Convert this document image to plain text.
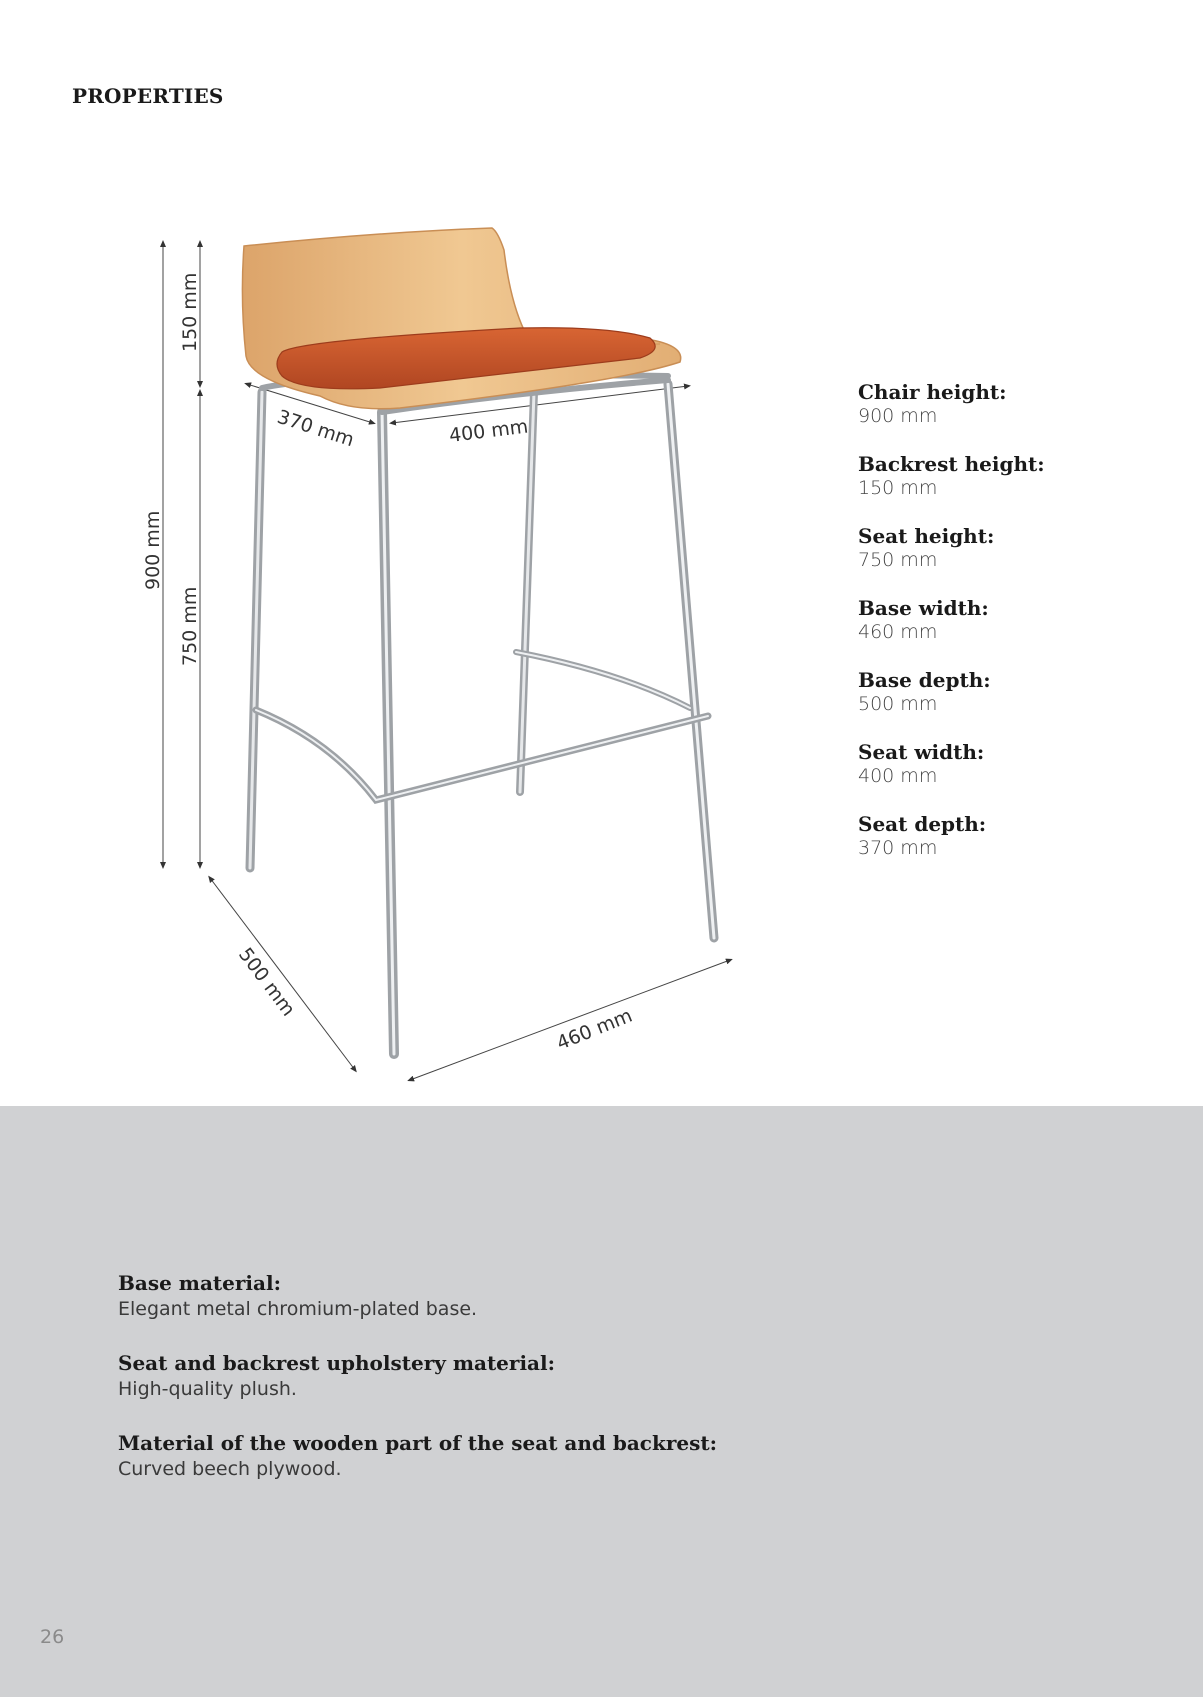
PROPERTIES
150 mm
900 mm
750 mm
370 mm	400 mm
500 mm
460 mm
Chair height:
900 mm
Backrest height:
150 mm
Seat height:
750 mm
Base width:
460 mm
Base depth:
500 mm
Seat width:
400 mm
Seat depth:
370 mm
Base material:
Elegant metal chromium-plated base.
Seat and backrest upholstery material:
High-quality plush.
Material of the wooden part of the seat and backrest:
Curved beech plywood.
26
